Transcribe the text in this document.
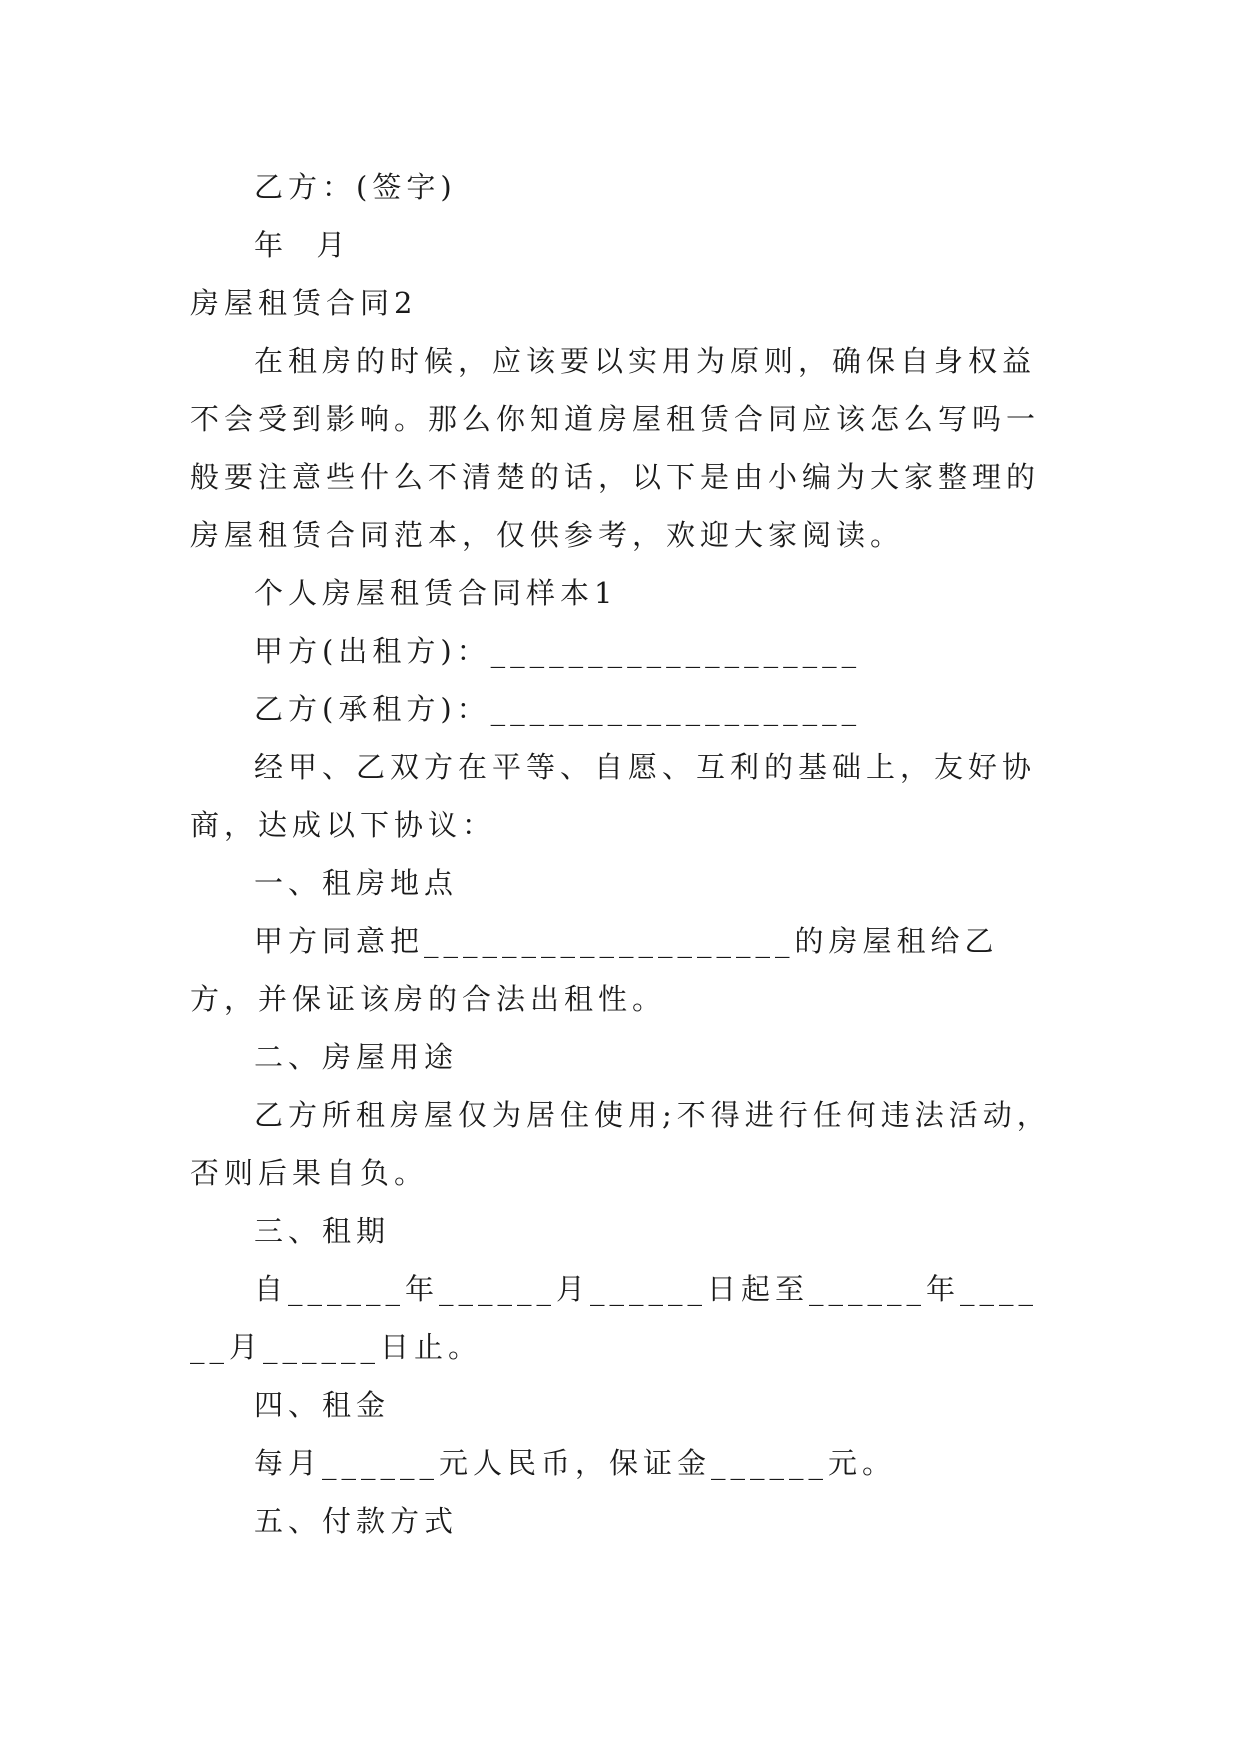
乙方：(签字)

年  月

房屋租赁合同2

在租房的时候，应该要以实用为原则，确保自身权益不会受到影响。那么你知道房屋租赁合同应该怎么写吗一般要注意些什么不清楚的话，以下是由小编为大家整理的房屋租赁合同范本，仅供参考，欢迎大家阅读。

个人房屋租赁合同样本1

甲方(出租方)：___________________

乙方(承租方)：___________________

经甲、乙双方在平等、自愿、互利的基础上，友好协商，达成以下协议：

一、租房地点

甲方同意把___________________的房屋租给乙方，并保证该房的合法出租性。

二、房屋用途

乙方所租房屋仅为居住使用;不得进行任何违法活动，否则后果自负。

三、租期

自______年______月______日起至______年______月______日止。

四、租金

每月______元人民币，保证金______元。

五、付款方式
